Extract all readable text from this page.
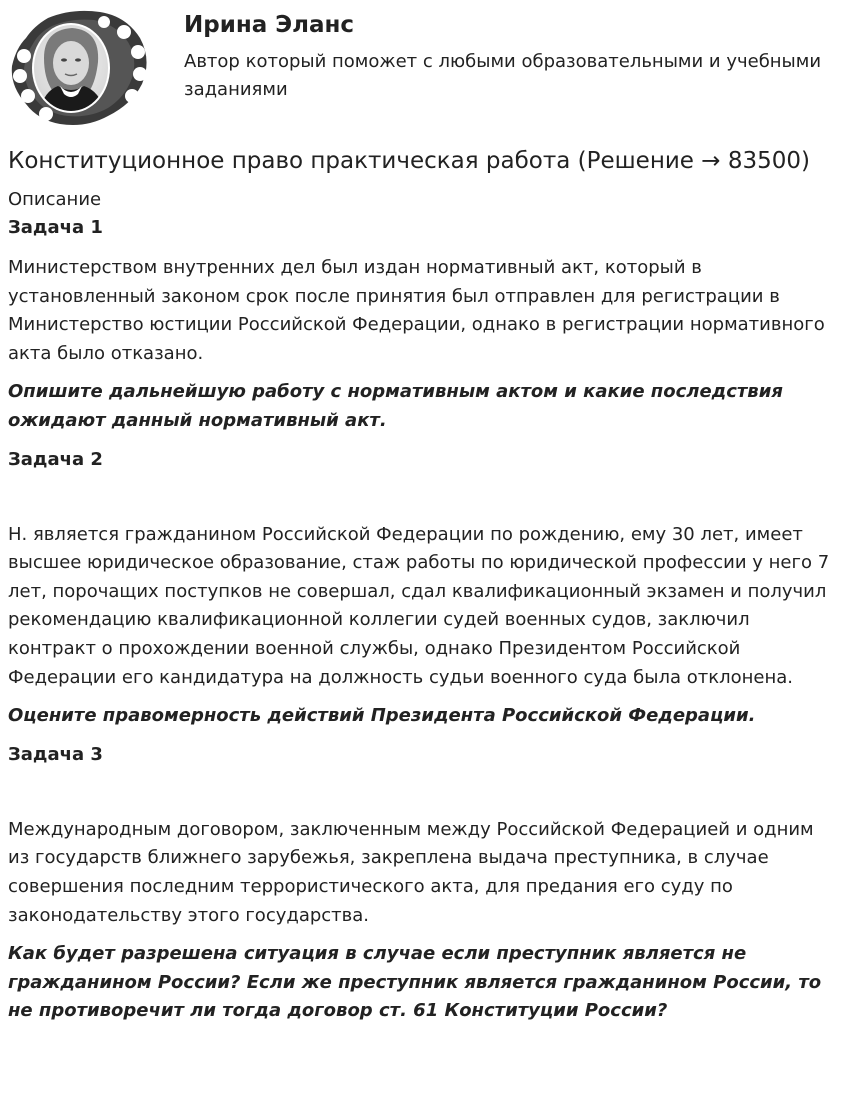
Ирина Эланс
Автор который поможет с любыми образовательными и учебными заданиями
Конституционное право практическая работа (Решение → 83500)

Описание

Задача 1

Министерством внутренних дел был издан нормативный акт, который в установленный законом срок после принятия был отправлен для регистрации в Министерство юстиции Российской Федерации, однако в регистрации нормативного акта было отказано.

Опишите дальнейшую работу с нормативным актом и какие последствия ожидают данный нормативный акт.

Задача 2

Н. является гражданином Российской Федерации по рождению, ему 30 лет, имеет высшее юридическое образование, стаж работы по юридической профессии у него 7 лет, порочащих поступков не совершал, сдал квалификационный экзамен и получил рекомендацию квалификационной коллегии судей военных судов, заключил контракт о прохождении военной службы, однако Президентом Российской Федерации его кандидатура на должность судьи военного суда была отклонена.

Оцените правомерность действий Президента Российской Федерации.

Задача 3

Международным договором, заключенным между Российской Федерацией и одним из государств ближнего зарубежья, закреплена выдача преступника, в случае совершения последним террористического акта, для предания его суду по законодательству этого государства.

Как будет разрешена ситуация в случае если преступник является не гражданином России? Если же преступник является гражданином России, то не противоречит ли тогда договор ст. 61 Конституции России?
